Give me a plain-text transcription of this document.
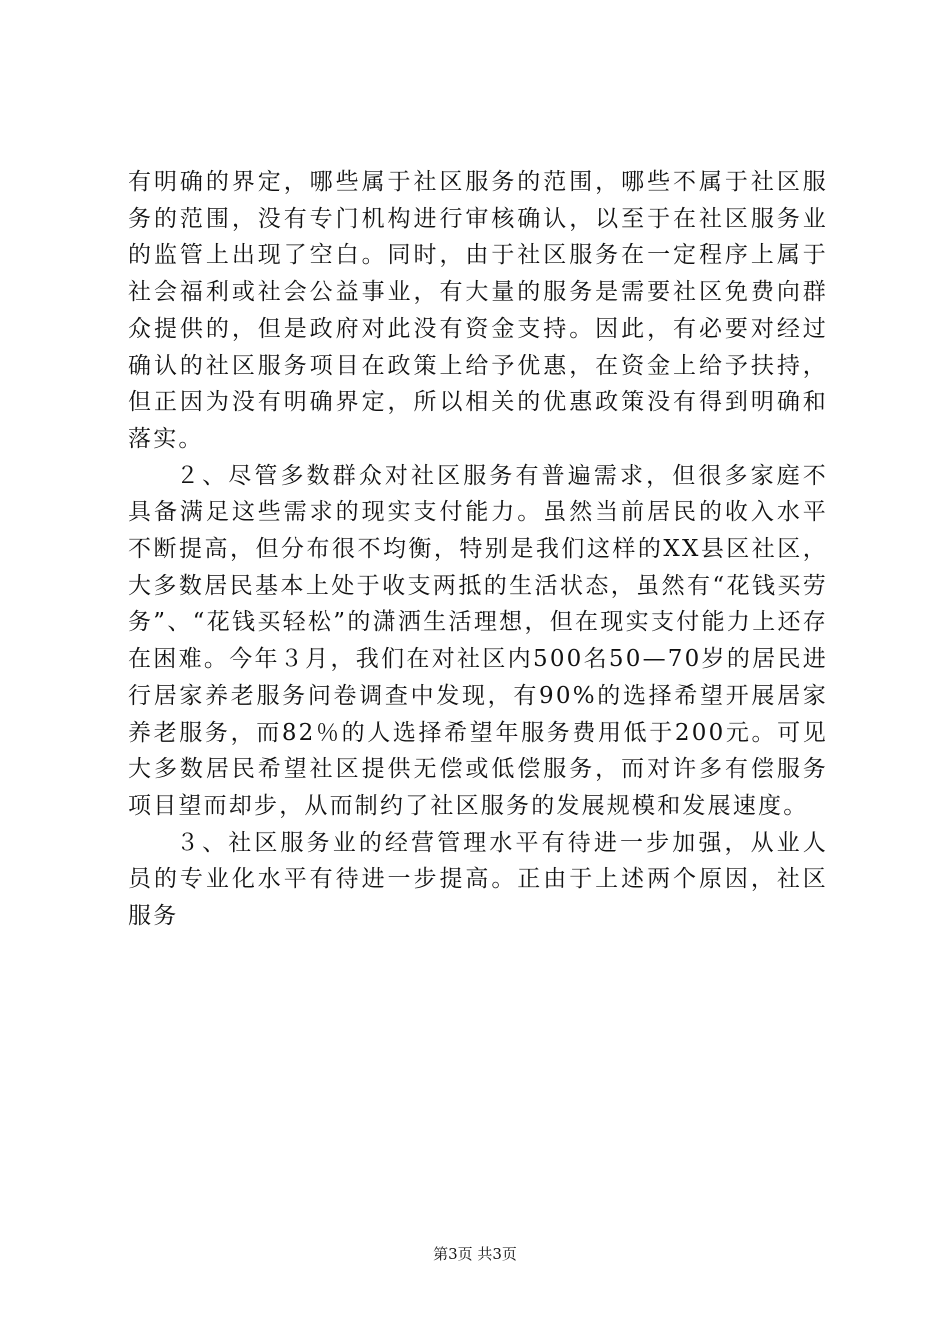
有明确的界定，哪些属于社区服务的范围，哪些不属于社区服务的范围，没有专门机构进行审核确认，以至于在社区服务业的监管上出现了空白。同时，由于社区服务在一定程序上属于社会福利或社会公益事业，有大量的服务是需要社区免费向群众提供的，但是政府对此没有资金支持。因此，有必要对经过确认的社区服务项目在政策上给予优惠，在资金上给予扶持，但正因为没有明确界定，所以相关的优惠政策没有得到明确和落实。

２、尽管多数群众对社区服务有普遍需求，但很多家庭不具备满足这些需求的现实支付能力。虽然当前居民的收入水平不断提高，但分布很不均衡，特别是我们这样的XX县区社区，大多数居民基本上处于收支两抵的生活状态，虽然有“花钱买劳务”、“花钱买轻松”的潇洒生活理想，但在现实支付能力上还存在困难。今年３月，我们在对社区内500名50—70岁的居民进行居家养老服务问卷调查中发现，有90%的选择希望开展居家养老服务，而82％的人选择希望年服务费用低于200元。可见大多数居民希望社区提供无偿或低偿服务，而对许多有偿服务项目望而却步，从而制约了社区服务的发展规模和发展速度。

３、社区服务业的经营管理水平有待进一步加强，从业人员的专业化水平有待进一步提高。正由于上述两个原因，社区服务

第3页 共3页
